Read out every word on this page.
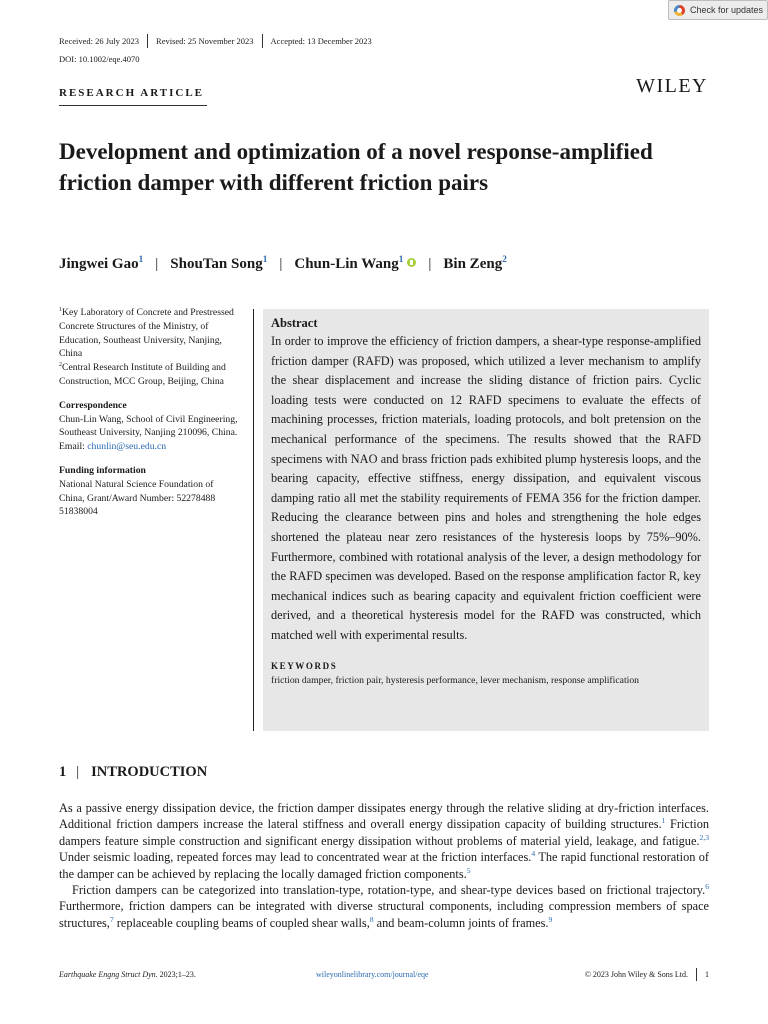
Check for updates
Received: 26 July 2023 Revised: 25 November 2023 Accepted: 13 December 2023
DOI: 10.1002/eqe.4070
RESEARCH ARTICLE	WILEY
Development and optimization of a novel response-amplified friction damper with different friction pairs
Jingwei Gao$^1$ | ShouTan Song$^1$ | Chun-Lin Wang$^1$	| Bin Zeng$^2$

$^1$Key Laboratory of Concrete and Prestressed Concrete Structures of the Ministry, of Education, Southeast University, Nanjing, China

$^2$Central Research Institute of Building and Construction, MCC Group, Beijing, China

Correspondence

Chun-Lin Wang, School of Civil Engineering, Southeast University, Nanjing 210096, China.

Email: chunlin@seu.edu.cn

Funding information

National Natural Science Foundation of China, Grant/Award Number: 52278488 51838004

Abstract

In order to improve the efficiency of friction dampers, a shear-type response-amplified friction damper (RAFD) was proposed, which utilized a lever mechanism to amplify the shear displacement and increase the sliding distance of friction pairs. Cyclic loading tests were conducted on 12 RAFD specimens to evaluate the effects of machining processes, friction materials, loading protocols, and bolt pretension on the mechanical performance of the specimens. The results showed that the RAFD specimens with NAO and brass friction pads exhibited plump hysteresis loops, and the bearing capacity, effective stiffness, energy dissipation, and equivalent viscous damping ratio all met the stability requirements of FEMA 356 for the friction damper. Reducing the clearance between pins and holes and strengthening the hole edges shortened the plateau near zero resistances of the hysteresis loops by 75%–90%. Furthermore, combined with rotational analysis of the lever, a design methodology for the RAFD specimen was developed. Based on the response amplification factor R, key mechanical indices such as bearing capacity and equivalent friction coefficient were derived, and a theoretical hysteresis model for the RAFD was constructed, which matched well with experimental results.

KEYWORDS
friction damper, friction pair, hysteresis performance, lever mechanism, response amplification
1 | INTRODUCTION

As a passive energy dissipation device, the friction damper dissipates energy through the relative sliding at dry-friction interfaces. Additional friction dampers increase the lateral stiffness and overall energy dissipation capacity of building structures.$^1$ Friction dampers feature simple construction and significant energy dissipation without problems of material yield, leakage, and fatigue.$^{2,3}$ Under seismic loading, repeated forces may lead to concentrated wear at the friction interfaces.$^4$ The rapid functional restoration of the damper can be achieved by replacing the locally damaged friction components.$^5$

Friction dampers can be categorized into translation-type, rotation-type, and shear-type devices based on frictional trajectory.$^6$ Furthermore, friction dampers can be integrated with diverse structural components, including compression members of space structures,$^7$ replaceable coupling beams of coupled shear walls,$^8$ and beam-column joints of frames.$^9$

Earthquake Engng Struct Dyn. 2023;1–23.	wileyonlinelibrary.com/journal/eqe	© 2023 John Wiley & Sons Ltd. 1
